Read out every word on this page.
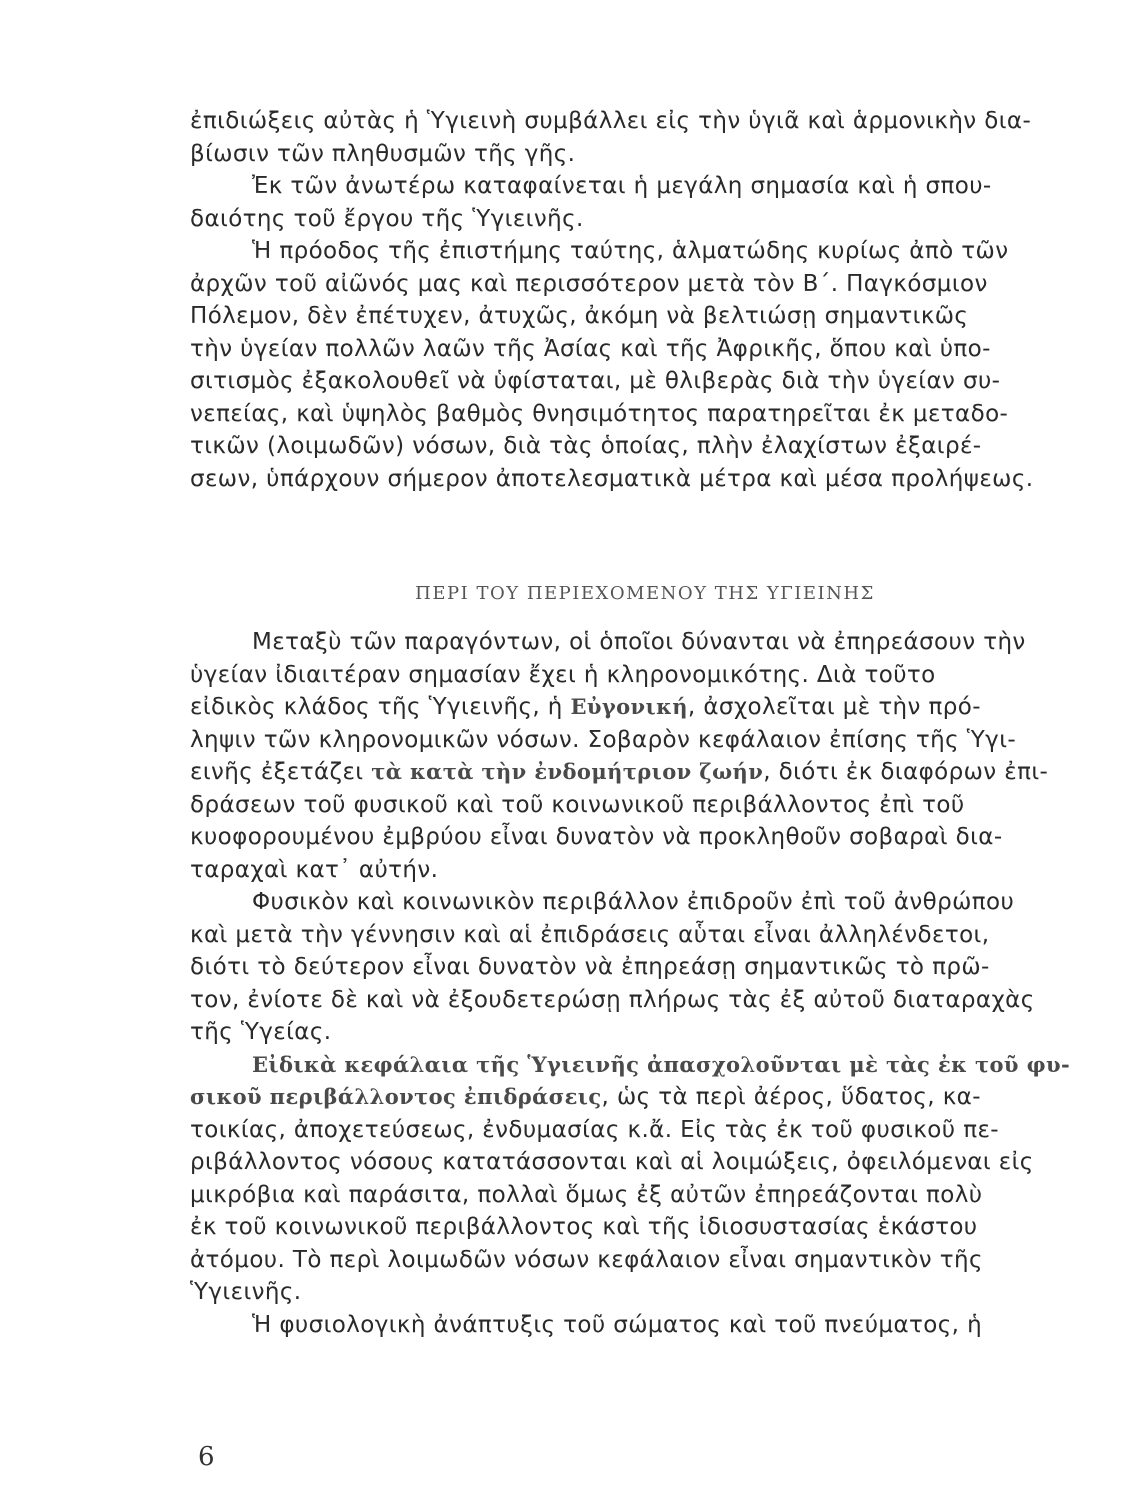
ἐπιδιώξεις αὐτὰς ἡ Ὑγιεινὴ συμβάλλει εἰς τὴν ὑγιᾶ καὶ ἁρμονικὴν δια-
βίωσιν τῶν πληθυσμῶν τῆς γῆς.
Ἐκ τῶν ἀνωτέρω καταφαίνεται ἡ μεγάλη σημασία καὶ ἡ σπου-
δαιότης τοῦ ἔργου τῆς Ὑγιεινῆς.
Ἡ πρόοδος τῆς ἐπιστήμης ταύτης, ἁλματώδης κυρίως ἀπὸ τῶν
ἀρχῶν τοῦ αἰῶνός μας καὶ περισσότερον μετὰ τὸν Β΄. Παγκόσμιον
Πόλεμον, δὲν ἐπέτυχεν, ἀτυχῶς, ἀκόμη νὰ βελτιώσῃ σημαντικῶς
τὴν ὑγείαν πολλῶν λαῶν τῆς Ἀσίας καὶ τῆς Ἀφρικῆς, ὅπου καὶ ὑπο-
σιτισμὸς ἐξακολουθεῖ νὰ ὑφίσταται, μὲ θλιβερὰς διὰ τὴν ὑγείαν συ-
νεπείας, καὶ ὑψηλὸς βαθμὸς θνησιμότητος παρατηρεῖται ἐκ μεταδο-
τικῶν (λοιμωδῶν) νόσων, διὰ τὰς ὁποίας, πλὴν ἐλαχίστων ἐξαιρέ-
σεων, ὑπάρχουν σήμερον ἀποτελεσματικὰ μέτρα καὶ μέσα προλήψεως.
ΠΕΡΙ ΤΟΥ ΠΕΡΙΕΧΟΜΕΝΟΥ ΤΗΣ ΥΓΙΕΙΝΗΣ
Μεταξὺ τῶν παραγόντων, οἱ ὁποῖοι δύνανται νὰ ἐπηρεάσουν τὴν
ὑγείαν ἰδιαιτέραν σημασίαν ἔχει ἡ κληρονομικότης. Διὰ τοῦτο
εἰδικὸς κλάδος τῆς Ὑγιεινῆς, ἡ Εὐγονική , ἀσχολεῖται μὲ τὴν πρό-
ληψιν τῶν κληρονομικῶν νόσων. Σοβαρὸν κεφάλαιον ἐπίσης τῆς Ὑγι-
εινῆς ἐξετάζει τὰ κατὰ τὴν ἐνδομήτριον ζωήν , διότι ἐκ διαφόρων ἐπι-
δράσεων τοῦ φυσικοῦ καὶ τοῦ κοινωνικοῦ περιβάλλοντος ἐπὶ τοῦ
κυοφορουμένου ἐμβρύου εἶναι δυνατὸν νὰ προκληθοῦν σοβαραὶ δια-
ταραχαὶ κατ᾽ αὐτήν.
Φυσικὸν καὶ κοινωνικὸν περιβάλλον ἐπιδροῦν ἐπὶ τοῦ ἀνθρώπου
καὶ μετὰ τὴν γέννησιν καὶ αἱ ἐπιδράσεις αὗται εἶναι ἀλληλένδετοι,
διότι τὸ δεύτερον εἶναι δυνατὸν νὰ ἐπηρεάσῃ σημαντικῶς τὸ πρῶ-
τον, ἐνίοτε δὲ καὶ νὰ ἐξουδετερώσῃ πλήρως τὰς ἐξ αὐτοῦ διαταραχὰς
τῆς Ὑγείας.
Εἰδικὰ κεφάλαια τῆς Ὑγιεινῆς ἀπασχολοῦνται μὲ τὰς ἐκ τοῦ φυ-
σικοῦ περιβάλλοντος ἐπιδράσεις , ὡς τὰ περὶ ἀέρος, ὕδατος, κα-
τοικίας, ἀποχετεύσεως, ἐνδυμασίας κ.ἄ. Εἰς τὰς ἐκ τοῦ φυσικοῦ πε-
ριβάλλοντος νόσους κατατάσσονται καὶ αἱ λοιμώξεις, ὀφειλόμεναι εἰς
μικρόβια καὶ παράσιτα, πολλαὶ ὅμως ἐξ αὐτῶν ἐπηρεάζονται πολὺ
ἐκ τοῦ κοινωνικοῦ περιβάλλοντος καὶ τῆς ἰδιοσυστασίας ἑκάστου
ἀτόμου. Τὸ περὶ λοιμωδῶν νόσων κεφάλαιον εἶναι σημαντικὸν τῆς
Ὑγιεινῆς.
Ἡ φυσιολογικὴ ἀνάπτυξις τοῦ σώματος καὶ τοῦ πνεύματος, ἡ
6
